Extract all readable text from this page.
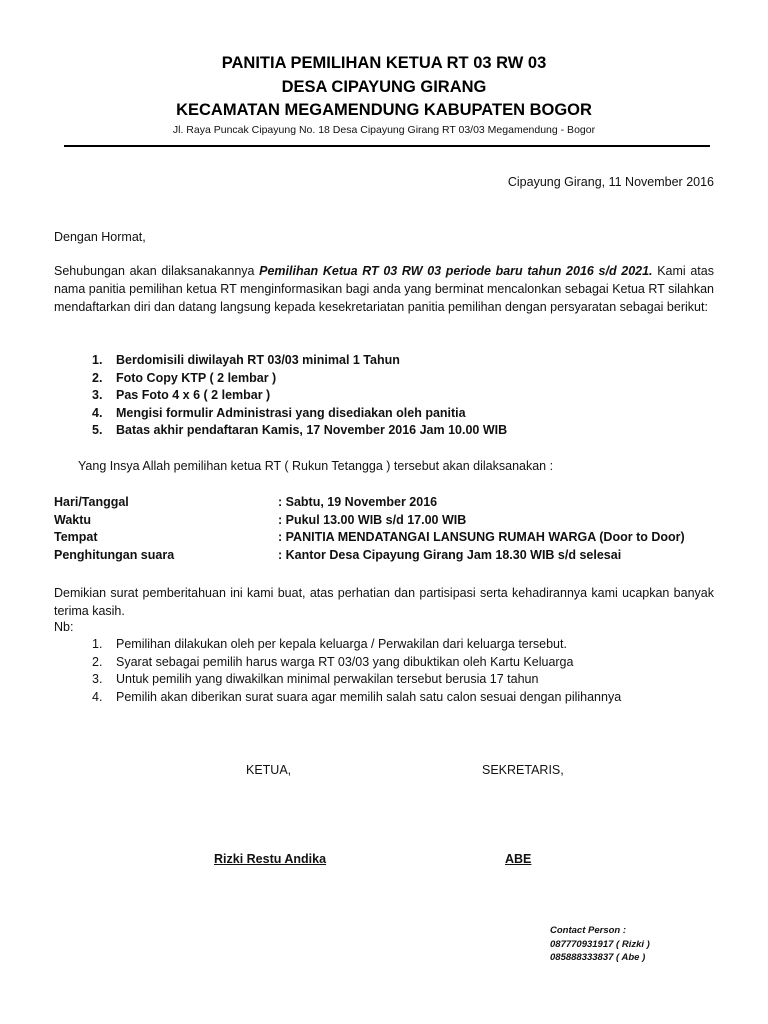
PANITIA PEMILIHAN KETUA RT 03 RW 03
DESA CIPAYUNG GIRANG
KECAMATAN MEGAMENDUNG KABUPATEN BOGOR
Jl. Raya Puncak Cipayung No. 18 Desa Cipayung Girang RT 03/03 Megamendung - Bogor
Cipayung Girang, 11 November 2016
Dengan Hormat,
Sehubungan akan dilaksanakannya Pemilihan Ketua RT 03 RW 03 periode baru tahun 2016 s/d 2021. Kami atas nama panitia pemilihan ketua RT menginformasikan bagi anda yang berminat mencalonkan sebagai Ketua RT silahkan mendaftarkan diri dan datang langsung kepada kesekretariatan panitia pemilihan dengan persyaratan sebagai berikut:
1. Berdomisili diwilayah RT 03/03 minimal 1 Tahun
2. Foto Copy KTP ( 2 lembar )
3. Pas Foto 4 x 6 ( 2 lembar )
4. Mengisi formulir Administrasi yang disediakan oleh panitia
5. Batas akhir pendaftaran Kamis, 17 November 2016 Jam 10.00 WIB
Yang Insya Allah pemilihan ketua RT ( Rukun Tetangga ) tersebut akan dilaksanakan :
Hari/Tanggal	: Sabtu, 19 November 2016
Waktu	: Pukul 13.00 WIB s/d 17.00 WIB
Tempat	: PANITIA MENDATANGAI LANSUNG RUMAH WARGA (Door to Door)
Penghitungan suara	: Kantor Desa Cipayung Girang Jam 18.30 WIB s/d selesai
Demikian surat pemberitahuan ini kami buat, atas perhatian dan partisipasi serta kehadirannya kami ucapkan banyak terima kasih.
Nb:
1. Pemilihan dilakukan oleh per kepala keluarga / Perwakilan dari keluarga tersebut.
2. Syarat sebagai pemilih harus warga RT 03/03 yang dibuktikan oleh Kartu Keluarga
3. Untuk pemilih yang diwakilkan minimal perwakilan tersebut berusia 17 tahun
4. Pemilih akan diberikan surat suara agar memilih salah satu calon sesuai dengan pilihannya
KETUA,	SEKRETARIS,
Rizki Restu Andika	ABE
Contact Person :
087770931917 ( Rizki )
085888333837 ( Abe )
